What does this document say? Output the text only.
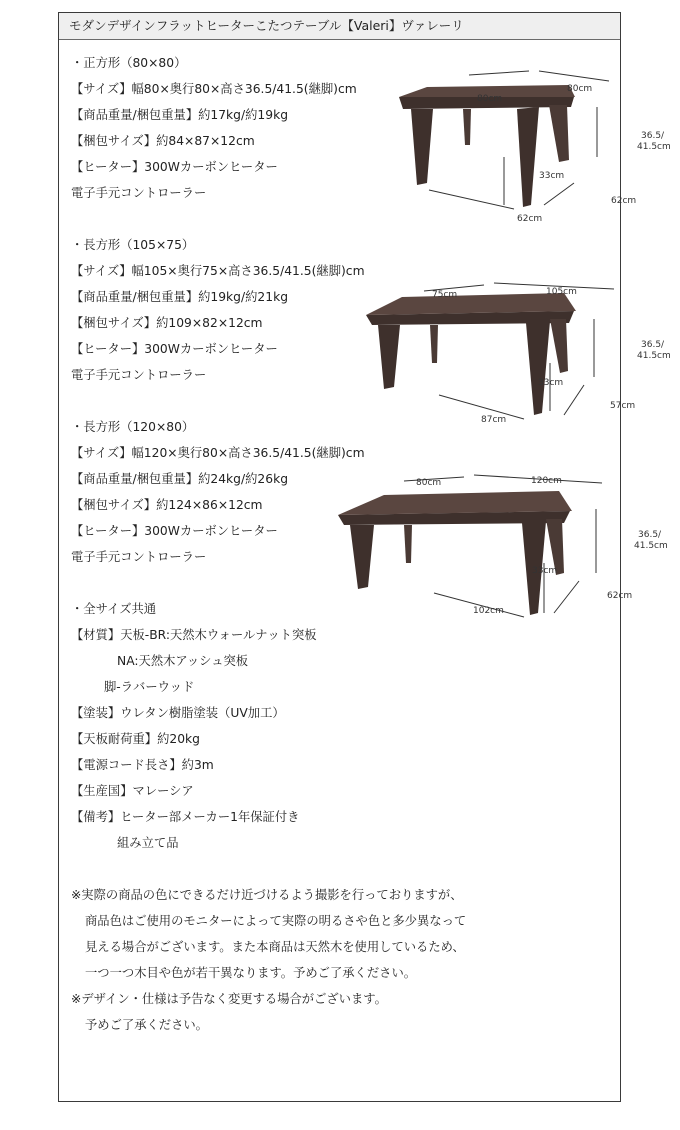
モダンデザインフラットヒーターこたつテーブル【Valeri】ヴァレーリ
・正方形（80×80）
【サイズ】幅80×奥行80×高さ36.5/41.5(継脚)cm
【商品重量/梱包重量】約17kg/約19kg
【梱包サイズ】約84×87×12cm
【ヒーター】300Wカーボンヒーター
電子手元コントローラー
80cm
80cm
36.5/
41.5cm
33cm
62cm
62cm
・長方形（105×75）
【サイズ】幅105×奥行75×高さ36.5/41.5(継脚)cm
【商品重量/梱包重量】約19kg/約21kg
【梱包サイズ】約109×82×12cm
【ヒーター】300Wカーボンヒーター
電子手元コントローラー
75cm	105cm
36.5/
41.5cm
33cm
87cm
57cm
・長方形（120×80）
【サイズ】幅120×奥行80×高さ36.5/41.5(継脚)cm
【商品重量/梱包重量】約24kg/約26kg
【梱包サイズ】約124×86×12cm
【ヒーター】300Wカーボンヒーター
電子手元コントローラー
80cm	120cm
36.5/
41.5cm
33cm
102cm
62cm
・全サイズ共通
【材質】天板-BR:天然木ウォールナット突板
NA:天然木アッシュ突板
脚-ラバーウッド
【塗装】ウレタン樹脂塗装（UV加工）
【天板耐荷重】約20kg
【電源コード長さ】約3m
【生産国】マレーシア
【備考】ヒーター部メーカー1年保証付き
組み立て品
※実際の商品の色にできるだけ近づけるよう撮影を行っておりますが、
商品色はご使用のモニターによって実際の明るさや色と多少異なって
見える場合がございます。また本商品は天然木を使用しているため、
一つ一つ木目や色が若干異なります。予めご了承ください。
※デザイン・仕様は予告なく変更する場合がございます。
予めご了承ください。
